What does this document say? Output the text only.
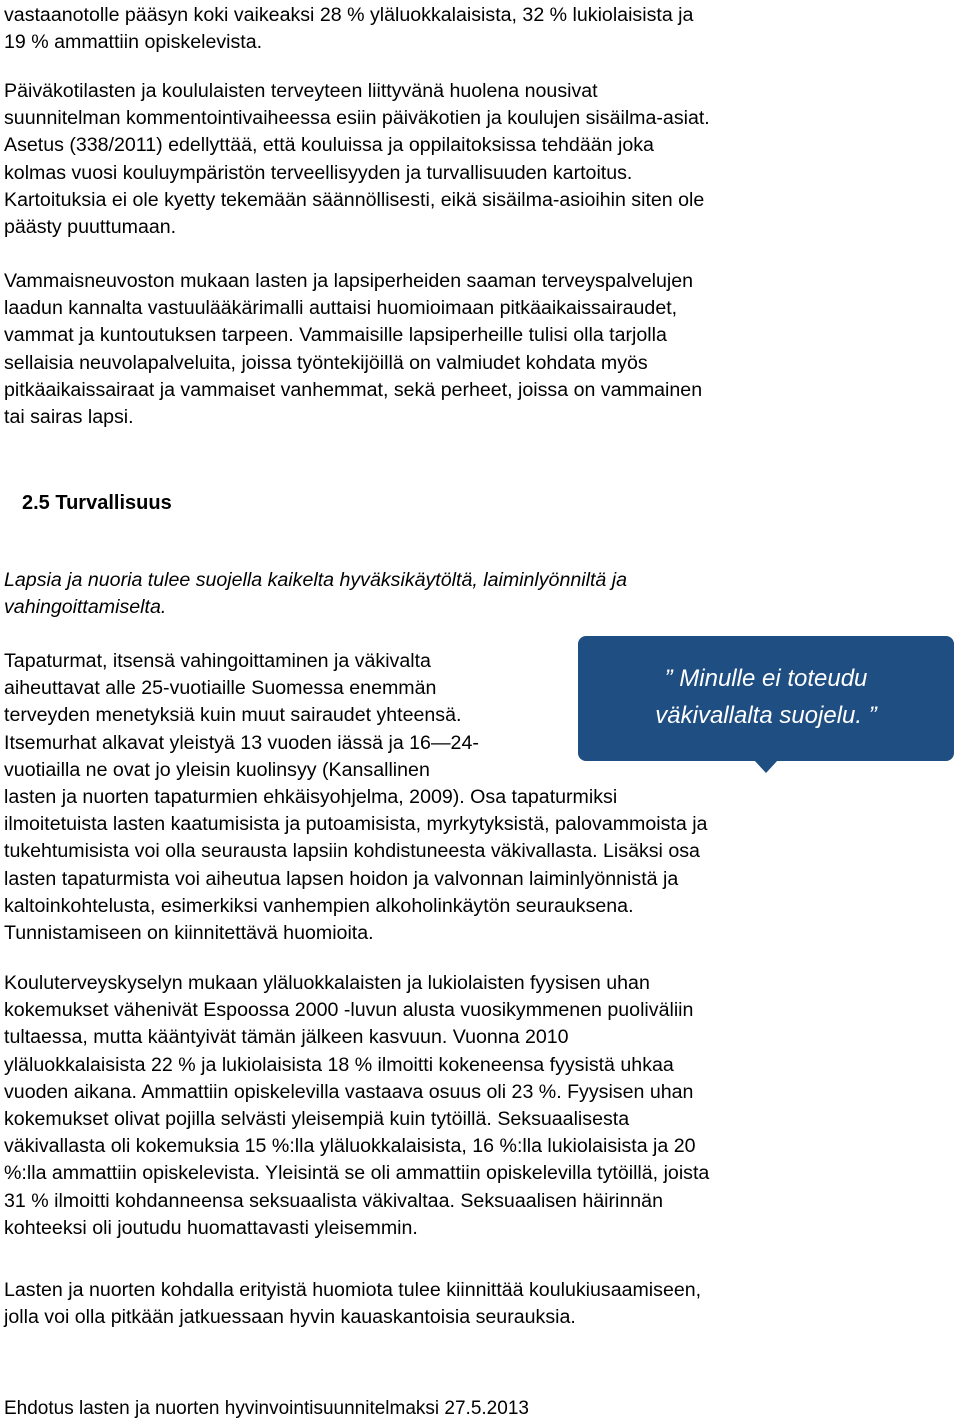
vastaanotolle pääsyn koki vaikeaksi 28 % yläluokkalaisista, 32 % lukiolaisista ja
19 % ammattiin opiskelevista.

Päiväkotilasten ja koululaisten terveyteen liittyvänä huolena nousivat
suunnitelman kommentointivaiheessa esiin päiväkotien ja koulujen sisäilma-asiat.
Asetus (338/2011) edellyttää, että kouluissa ja oppilaitoksissa tehdään joka
kolmas vuosi kouluympäristön terveellisyyden ja turvallisuuden kartoitus.
Kartoituksia ei ole kyetty tekemään säännöllisesti, eikä sisäilma-asioihin siten ole
päästy puuttumaan.

Vammaisneuvoston mukaan lasten ja lapsiperheiden saaman terveyspalvelujen
laadun kannalta vastuulääkärimalli auttaisi huomioimaan pitkäaikaissairaudet,
vammat ja kuntoutuksen tarpeen. Vammaisille lapsiperheille tulisi olla tarjolla
sellaisia neuvolapalveluita, joissa työntekijöillä on valmiudet kohdata myös
pitkäaikaissairaat ja vammaiset vanhemmat, sekä perheet, joissa on vammainen
tai sairas lapsi.

2.5 Turvallisuus

Lapsia ja nuoria tulee suojella kaikelta hyväksikäytöltä, laiminlyönniltä ja
vahingoittamiselta.

” Minulle ei toteudu
väkivallalta suojelu. ”

Tapaturmat, itsensä vahingoittaminen ja väkivalta
aiheuttavat alle 25-vuotiaille Suomessa enemmän
terveyden menetyksiä kuin muut sairaudet yhteensä.
Itsemurhat alkavat yleistyä 13 vuoden iässä ja 16—24-
vuotiailla ne ovat jo yleisin kuolinsyy (Kansallinen
lasten ja nuorten tapaturmien ehkäisyohjelma, 2009). Osa tapaturmiksi
ilmoitetuista lasten kaatumisista ja putoamisista, myrkytyksistä, palovammoista ja
tukehtumisista voi olla seurausta lapsiin kohdistuneesta väkivallasta. Lisäksi osa
lasten tapaturmista voi aiheutua lapsen hoidon ja valvonnan laiminlyönnistä ja
kaltoinkohtelusta, esimerkiksi vanhempien alkoholinkäytön seurauksena.
Tunnistamiseen on kiinnitettävä huomioita.

Kouluterveyskyselyn mukaan yläluokkalaisten ja lukiolaisten fyysisen uhan
kokemukset vähenivät Espoossa 2000 -luvun alusta vuosikymmenen puoliväliin
tultaessa, mutta kääntyivät tämän jälkeen kasvuun. Vuonna 2010
yläluokkalaisista 22 % ja lukiolaisista 18 % ilmoitti kokeneensa fyysistä uhkaa
vuoden aikana. Ammattiin opiskelevilla vastaava osuus oli 23 %. Fyysisen uhan
kokemukset olivat pojilla selvästi yleisempiä kuin tytöillä. Seksuaalisesta
väkivallasta oli kokemuksia 15 %:lla yläluokkalaisista, 16 %:lla lukiolaisista ja 20
%:lla ammattiin opiskelevista. Yleisintä se oli ammattiin opiskelevilla tytöillä, joista
31 % ilmoitti kohdanneensa seksuaalista väkivaltaa. Seksuaalisen häirinnän
kohteeksi oli joutudu huomattavasti yleisemmin.

Lasten ja nuorten kohdalla erityistä huomiota tulee kiinnittää koulukiusaamiseen,
jolla voi olla pitkään jatkuessaan hyvin kauaskantoisia seurauksia.

Ehdotus lasten ja nuorten hyvinvointisuunnitelmaksi 27.5.2013
